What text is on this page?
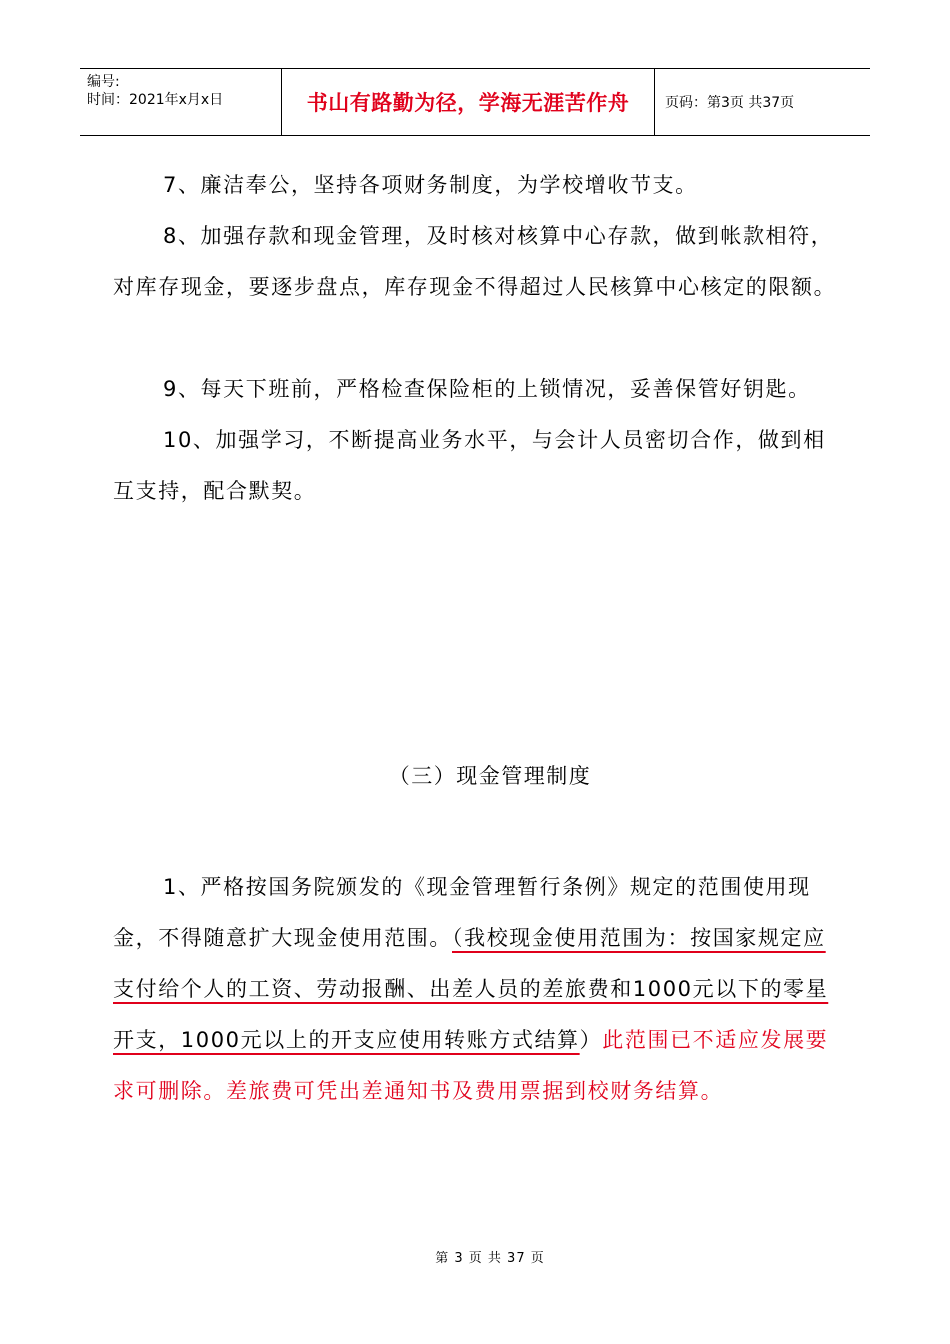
编号:
时间：2021年x月x日	书山有路勤为径，学海无涯苦作舟	页码：第3页 共37页

7、廉洁奉公，坚持各项财务制度，为学校增收节支。

8、加强存款和现金管理，及时核对核算中心存款，做到帐款相符，对库存现金，要逐步盘点，库存现金不得超过人民核算中心核定的限额。

9、每天下班前，严格检查保险柜的上锁情况，妥善保管好钥匙。

10、加强学习，不断提高业务水平，与会计人员密切合作，做到相互支持，配合默契。

（三）现金管理制度

1、严格按国务院颁发的《现金管理暂行条例》规定的范围使用现金，不得随意扩大现金使用范围。（我校现金使用范围为：按国家规定应支付给个人的工资、劳动报酬、出差人员的差旅费和1000元以下的零星开支，1000元以上的开支应使用转账方式结算）此范围已不适应发展要求可删除。差旅费可凭出差通知书及费用票据到校财务结算。

第 3 页 共 37 页
